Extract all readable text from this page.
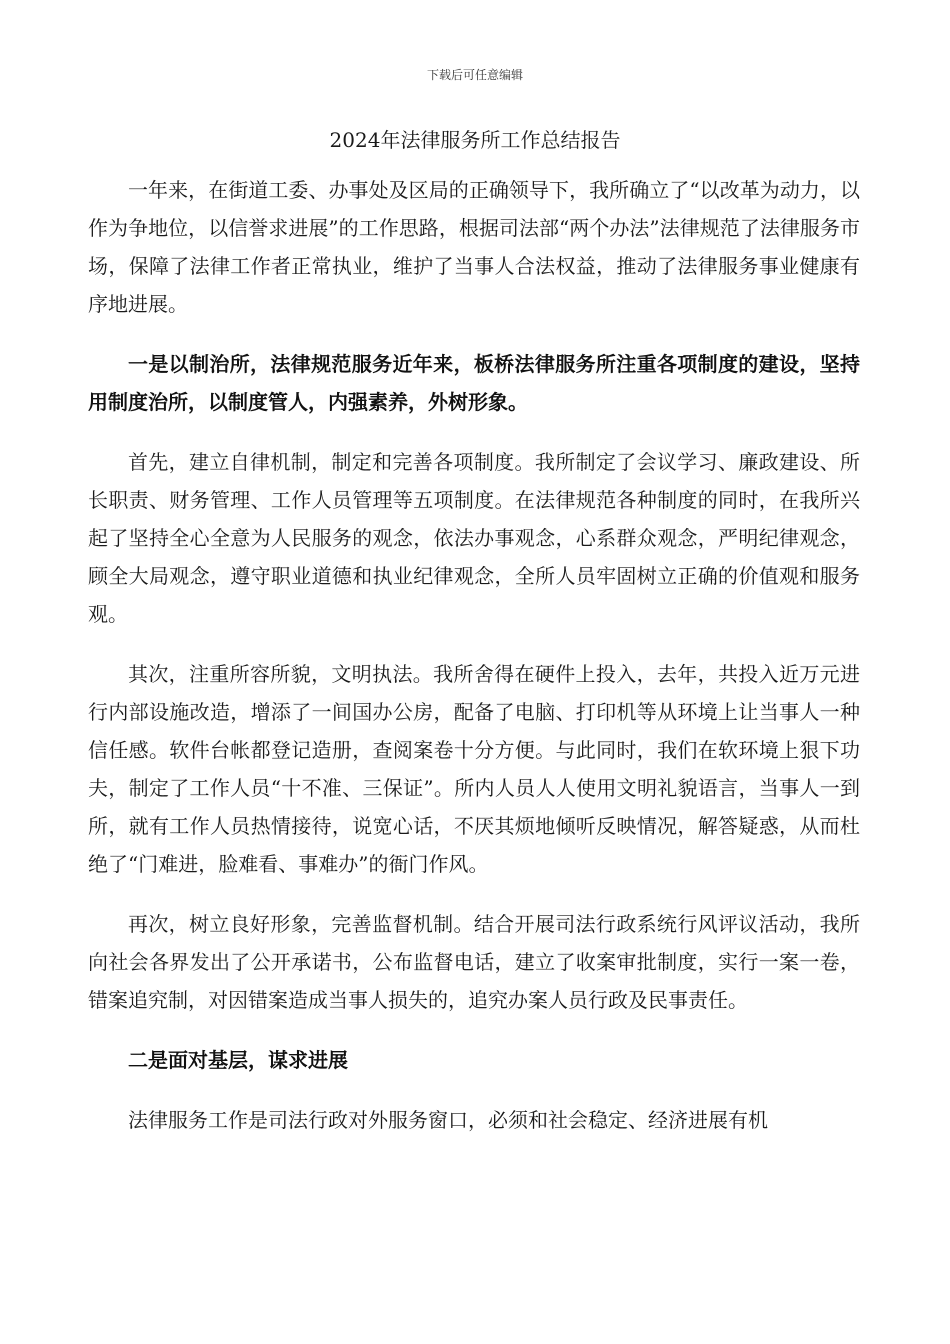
下载后可任意编辑
2024年法律服务所工作总结报告

一年来，在街道工委、办事处及区局的正确领导下，我所确立了“以改革为动力，以作为争地位，以信誉求进展”的工作思路，根据司法部“两个办法”法律规范了法律服务市场，保障了法律工作者正常执业，维护了当事人合法权益，推动了法律服务事业健康有序地进展。

一是以制治所，法律规范服务近年来，板桥法律服务所注重各项制度的建设，坚持用制度治所，以制度管人，内强素养，外树形象。

首先，建立自律机制，制定和完善各项制度。我所制定了会议学习、廉政建设、所长职责、财务管理、工作人员管理等五项制度。在法律规范各种制度的同时，在我所兴起了坚持全心全意为人民服务的观念，依法办事观念，心系群众观念，严明纪律观念，顾全大局观念，遵守职业道德和执业纪律观念，全所人员牢固树立正确的价值观和服务观。

其次，注重所容所貌，文明执法。我所舍得在硬件上投入，去年，共投入近万元进行内部设施改造，增添了一间国办公房，配备了电脑、打印机等从环境上让当事人一种信任感。软件台帐都登记造册，查阅案卷十分方便。与此同时，我们在软环境上狠下功夫，制定了工作人员“十不准、三保证”。所内人员人人使用文明礼貌语言，当事人一到所，就有工作人员热情接待，说宽心话，不厌其烦地倾听反映情况，解答疑惑，从而杜绝了“门难进，脸难看、事难办”的衙门作风。

再次，树立良好形象，完善监督机制。结合开展司法行政系统行风评议活动，我所向社会各界发出了公开承诺书，公布监督电话，建立了收案审批制度，实行一案一卷，错案追究制，对因错案造成当事人损失的，追究办案人员行政及民事责任。

二是面对基层，谋求进展

法律服务工作是司法行政对外服务窗口，必须和社会稳定、经济进展有机
